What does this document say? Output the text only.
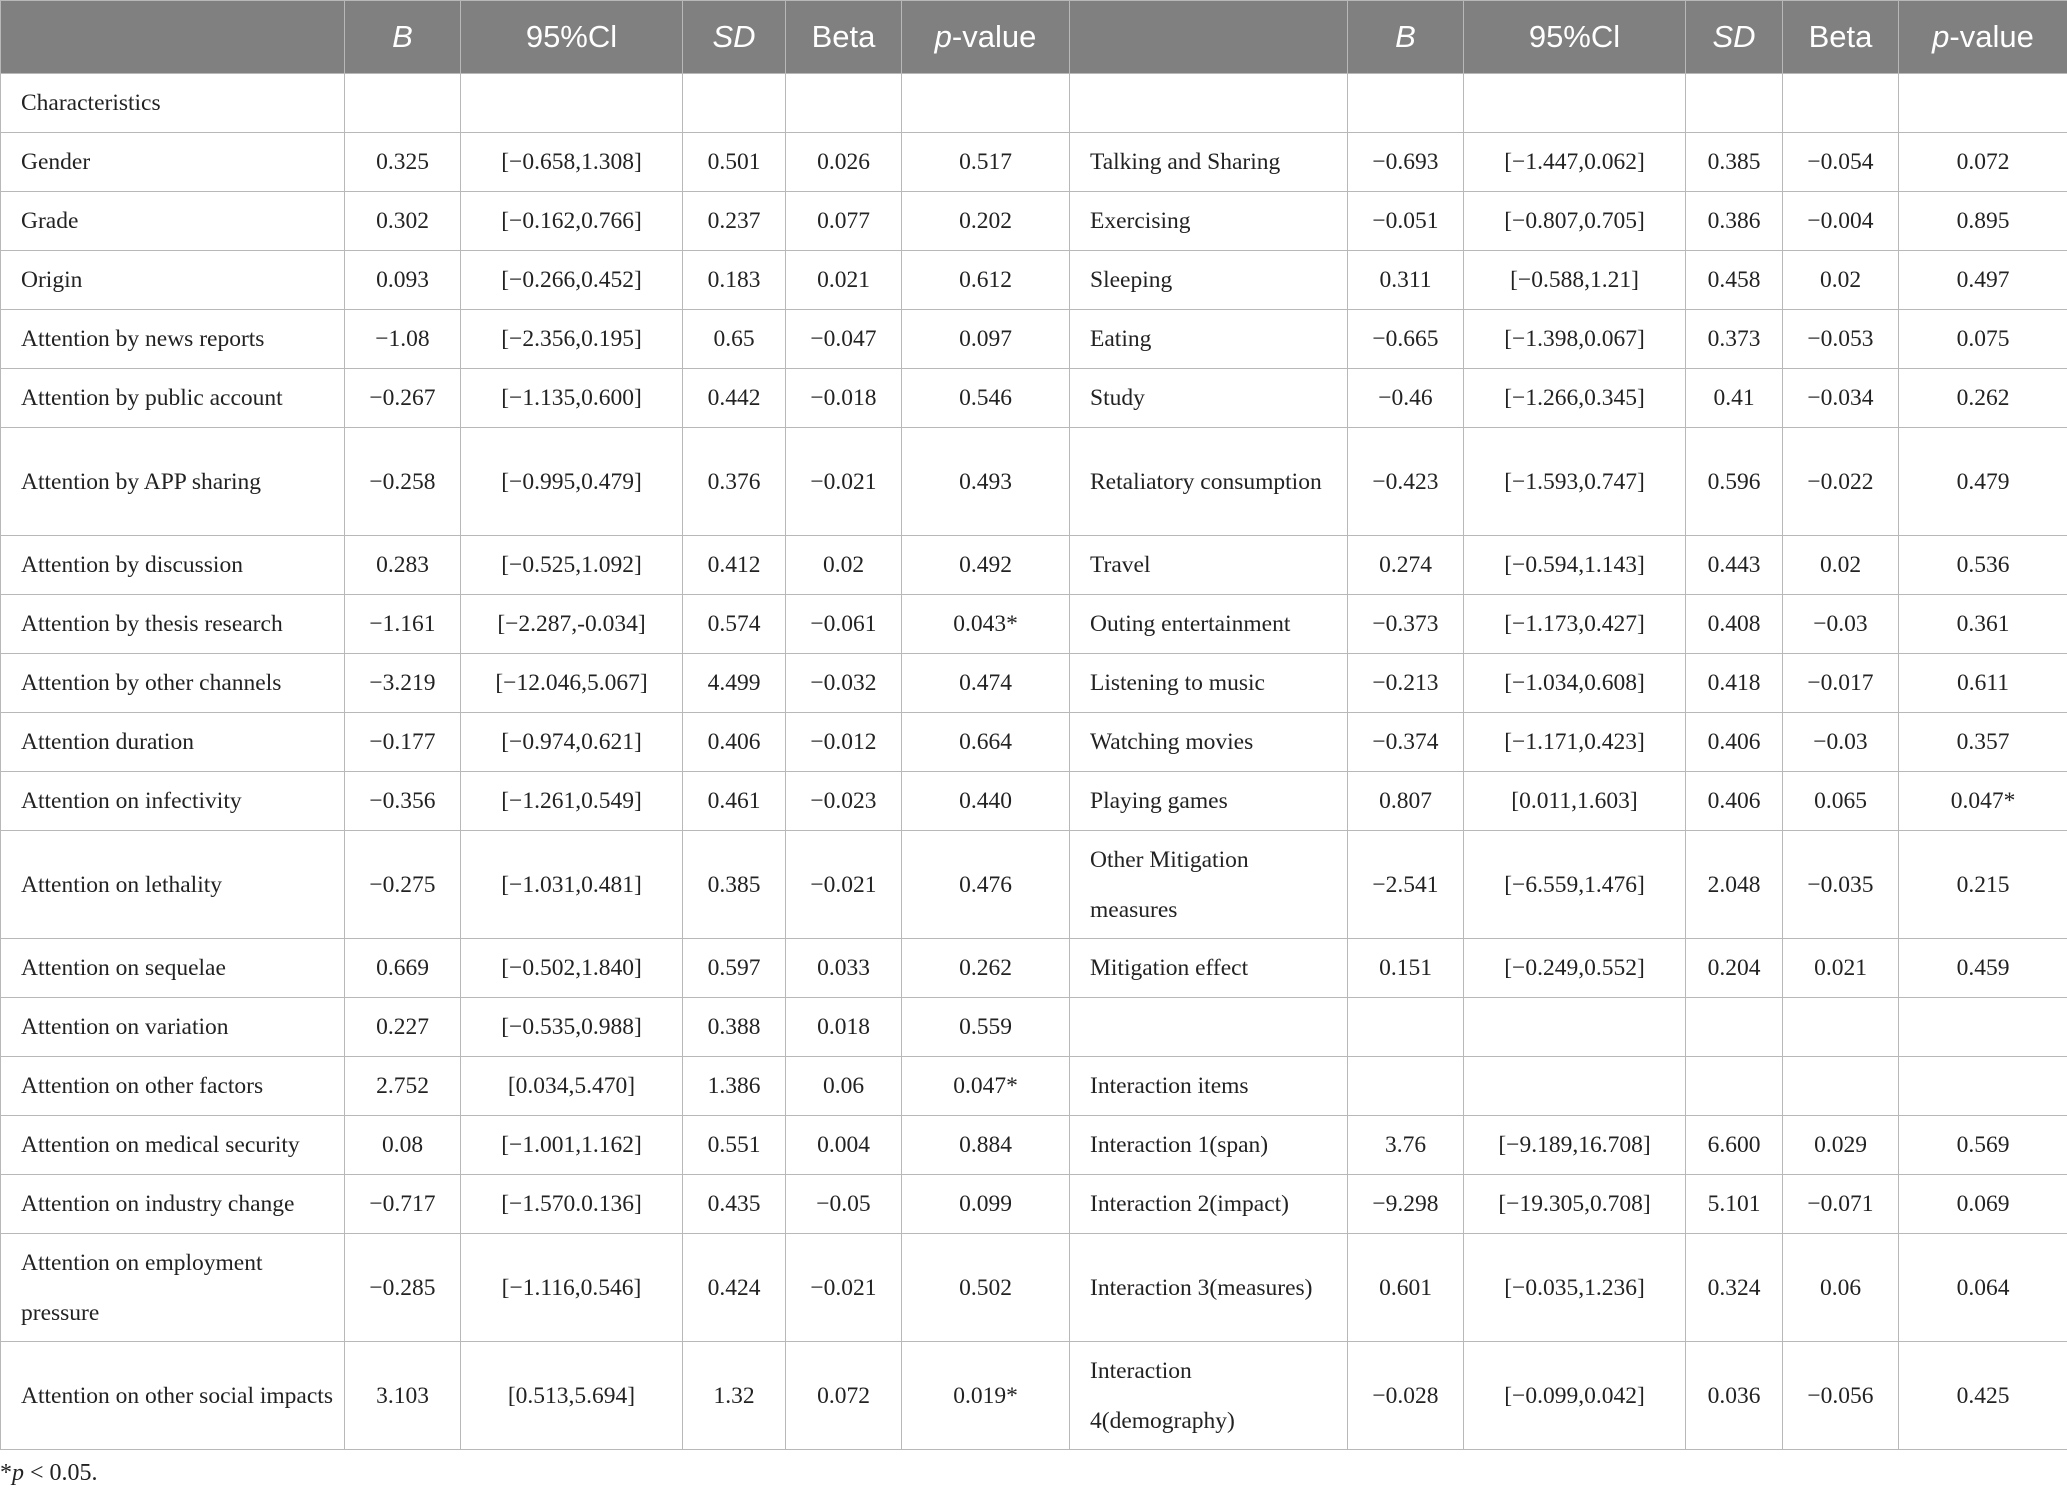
	B	95%Cl	SD	Beta	p-value		B	95%Cl	SD	Beta	p-value
Characteristics											
Gender	0.325	[−0.658,1.308]	0.501	0.026	0.517	Talking and Sharing	−0.693	[−1.447,0.062]	0.385	−0.054	0.072
Grade	0.302	[−0.162,0.766]	0.237	0.077	0.202	Exercising	−0.051	[−0.807,0.705]	0.386	−0.004	0.895
Origin	0.093	[−0.266,0.452]	0.183	0.021	0.612	Sleeping	0.311	[−0.588,1.21]	0.458	0.02	0.497
Attention by news reports	−1.08	[−2.356,0.195]	0.65	−0.047	0.097	Eating	−0.665	[−1.398,0.067]	0.373	−0.053	0.075
Attention by public account	−0.267	[−1.135,0.600]	0.442	−0.018	0.546	Study	−0.46	[−1.266,0.345]	0.41	−0.034	0.262
Attention by APP sharing	−0.258	[−0.995,0.479]	0.376	−0.021	0.493	Retaliatory consumption	−0.423	[−1.593,0.747]	0.596	−0.022	0.479
Attention by discussion	0.283	[−0.525,1.092]	0.412	0.02	0.492	Travel	0.274	[−0.594,1.143]	0.443	0.02	0.536
Attention by thesis research	−1.161	[−2.287,-0.034]	0.574	−0.061	0.043*	Outing entertainment	−0.373	[−1.173,0.427]	0.408	−0.03	0.361
Attention by other channels	−3.219	[−12.046,5.067]	4.499	−0.032	0.474	Listening to music	−0.213	[−1.034,0.608]	0.418	−0.017	0.611
Attention duration	−0.177	[−0.974,0.621]	0.406	−0.012	0.664	Watching movies	−0.374	[−1.171,0.423]	0.406	−0.03	0.357
Attention on infectivity	−0.356	[−1.261,0.549]	0.461	−0.023	0.440	Playing games	0.807	[0.011,1.603]	0.406	0.065	0.047*
Attention on lethality	−0.275	[−1.031,0.481]	0.385	−0.021	0.476	Other Mitigation measures	−2.541	[−6.559,1.476]	2.048	−0.035	0.215
Attention on sequelae	0.669	[−0.502,1.840]	0.597	0.033	0.262	Mitigation effect	0.151	[−0.249,0.552]	0.204	0.021	0.459
Attention on variation	0.227	[−0.535,0.988]	0.388	0.018	0.559						
Attention on other factors	2.752	[0.034,5.470]	1.386	0.06	0.047*	Interaction items					
Attention on medical security	0.08	[−1.001,1.162]	0.551	0.004	0.884	Interaction 1(span)	3.76	[−9.189,16.708]	6.600	0.029	0.569
Attention on industry change	−0.717	[−1.570.0.136]	0.435	−0.05	0.099	Interaction 2(impact)	−9.298	[−19.305,0.708]	5.101	−0.071	0.069
Attention on employment pressure	−0.285	[−1.116,0.546]	0.424	−0.021	0.502	Interaction 3(measures)	0.601	[−0.035,1.236]	0.324	0.06	0.064
Attention on other social impacts	3.103	[0.513,5.694]	1.32	0.072	0.019*	Interaction 4(demography)	−0.028	[−0.099,0.042]	0.036	−0.056	0.425
*p < 0.05.
